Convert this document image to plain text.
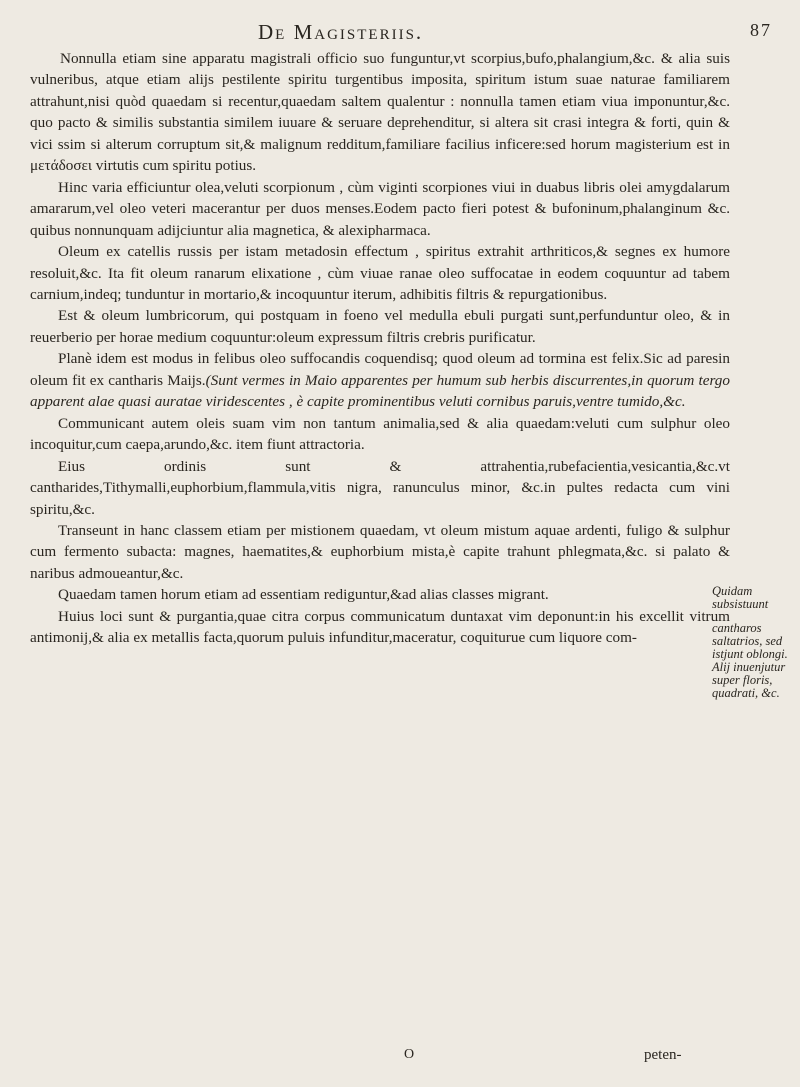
De Magisteriis.	87

Nonnulla etiam sine apparatu magistrali officio suo funguntur,vt scorpius,bufo,phalangium,&c. & alia suis vulneribus, atque etiam alijs pestilente spiritu turgentibus imposita, spiritum istum suae naturae familiarem attrahunt,nisi quòd quaedam si recentur,quaedam saltem qualentur : nonnulla tamen etiam viua imponuntur,&c. quo pacto & similis substantia similem iuuare & seruare deprehenditur, si altera sit crasi integra & forti, quin & vici ssim si alterum corruptum sit,& malignum redditum,familiare facilius inficere:sed horum magisterium est in μετάδοσει virtutis cum spiritu potius.

Hinc varia efficiuntur olea,veluti scorpionum , cùm viginti scorpiones viui in duabus libris olei amygdalarum amararum,vel oleo veteri macerantur per duos menses.Eodem pacto fieri potest & bufoninum,phalanginum &c. quibus nonnunquam adijciuntur alia magnetica, & alexipharmaca.

Oleum ex catellis russis per istam metadosin effectum , spiritus extrahit arthriticos,& segnes ex humore resoluit,&c. Ita fit oleum ranarum elixatione , cùm viuae ranae oleo suffocatae in eodem coquuntur ad tabem carnium,indeq; tunduntur in mortario,& incoquuntur iterum, adhibitis filtris & repurgationibus.

Est & oleum lumbricorum, qui postquam in foeno vel medulla ebuli purgati sunt,perfunduntur oleo, & in reuerberio per horae medium coquuntur:oleum expressum filtris crebris purificatur.

Planè idem est modus in felibus oleo suffocandis coquendisq; quod oleum ad tormina est felix.Sic ad paresin oleum fit ex cantharis Maijs.(Sunt vermes in Maio apparentes per humum sub herbis discurrentes,in quorum tergo apparent alae quasi auratae viridescentes , è capite prominentibus veluti cornibus paruis,ventre tumido,&c.

Communicant autem oleis suam vim non tantum animalia,sed & alia quaedam:veluti cum sulphur oleo incoquitur,cum caepa,arundo,&c. item fiunt attractoria.

Eius ordinis sunt & attrahentia,rubefacientia,vesicantia,&c.vt cantharides,Tithymalli,euphorbium,flammula,vitis nigra, ranunculus minor, &c.in pultes redacta cum vini spiritu,&c.

Transeunt in hanc classem etiam per mistionem quaedam, vt oleum mistum aquae ardenti, fuligo & sulphur cum fermento subacta: magnes, haematites,& euphorbium mista,è capite trahunt phlegmata,&c. si palato & naribus admoueantur,&c.

Quaedam tamen horum etiam ad essentiam rediguntur,&ad alias classes migrant.

Huius loci sunt & purgantia,quae citra corpus communicatum duntaxat vim deponunt:in his excellit vitrum antimonij,& alia ex metallis facta,quorum puluis infunditur,maceratur, coquiturue cum liquore com-

Quidam subsistuunt
cantharos saltatrios, sed istjunt oblongi. Alij inuenjutur super floris, quadrati, &c.
O	peten-
